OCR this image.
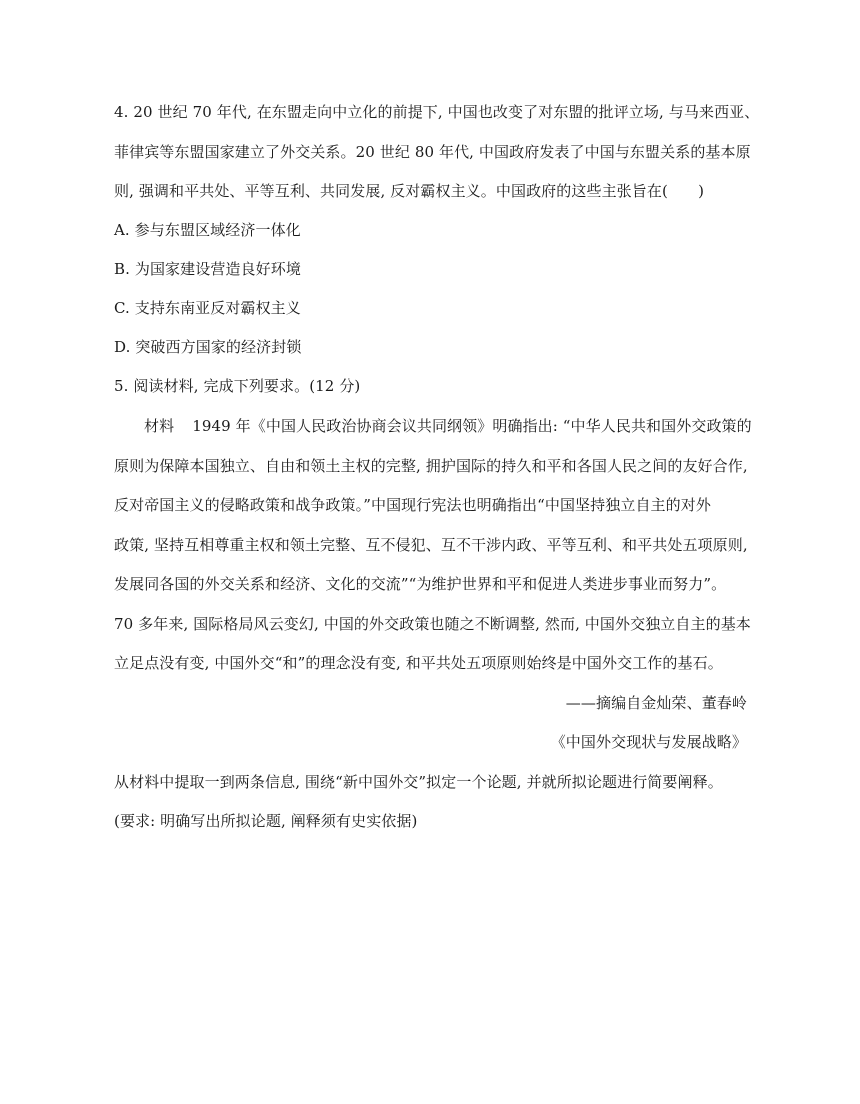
4. 20 世纪 70 年代, 在东盟走向中立化的前提下, 中国也改变了对东盟的批评立场, 与马来西亚、
菲律宾等东盟国家建立了外交关系。20 世纪 80 年代, 中国政府发表了中国与东盟关系的基本原
则, 强调和平共处、平等互利、共同发展, 反对霸权主义。中国政府的这些主张旨在(　　)
A. 参与东盟区域经济一体化
B. 为国家建设营造良好环境
C. 支持东南亚反对霸权主义
D. 突破西方国家的经济封锁
5. 阅读材料, 完成下列要求。(12 分)
材料 1949 年《中国人民政治协商会议共同纲领》明确指出: “中华人民共和国外交政策的
原则为保障本国独立、自由和领土主权的完整, 拥护国际的持久和平和各国人民之间的友好合作,
反对帝国主义的侵略政策和战争政策。”中国现行宪法也明确指出“中国坚持独立自主的对外
政策, 坚持互相尊重主权和领土完整、互不侵犯、互不干涉内政、平等互利、和平共处五项原则,
发展同各国的外交关系和经济、文化的交流”“为维护世界和平和促进人类进步事业而努力”。
70 多年来, 国际格局风云变幻, 中国的外交政策也随之不断调整, 然而, 中国外交独立自主的基本
立足点没有变, 中国外交“和”的理念没有变, 和平共处五项原则始终是中国外交工作的基石。
——摘编自金灿荣、董春岭
《中国外交现状与发展战略》
从材料中提取一到两条信息, 围绕“新中国外交”拟定一个论题, 并就所拟论题进行简要阐释。
(要求: 明确写出所拟论题, 阐释须有史实依据)
